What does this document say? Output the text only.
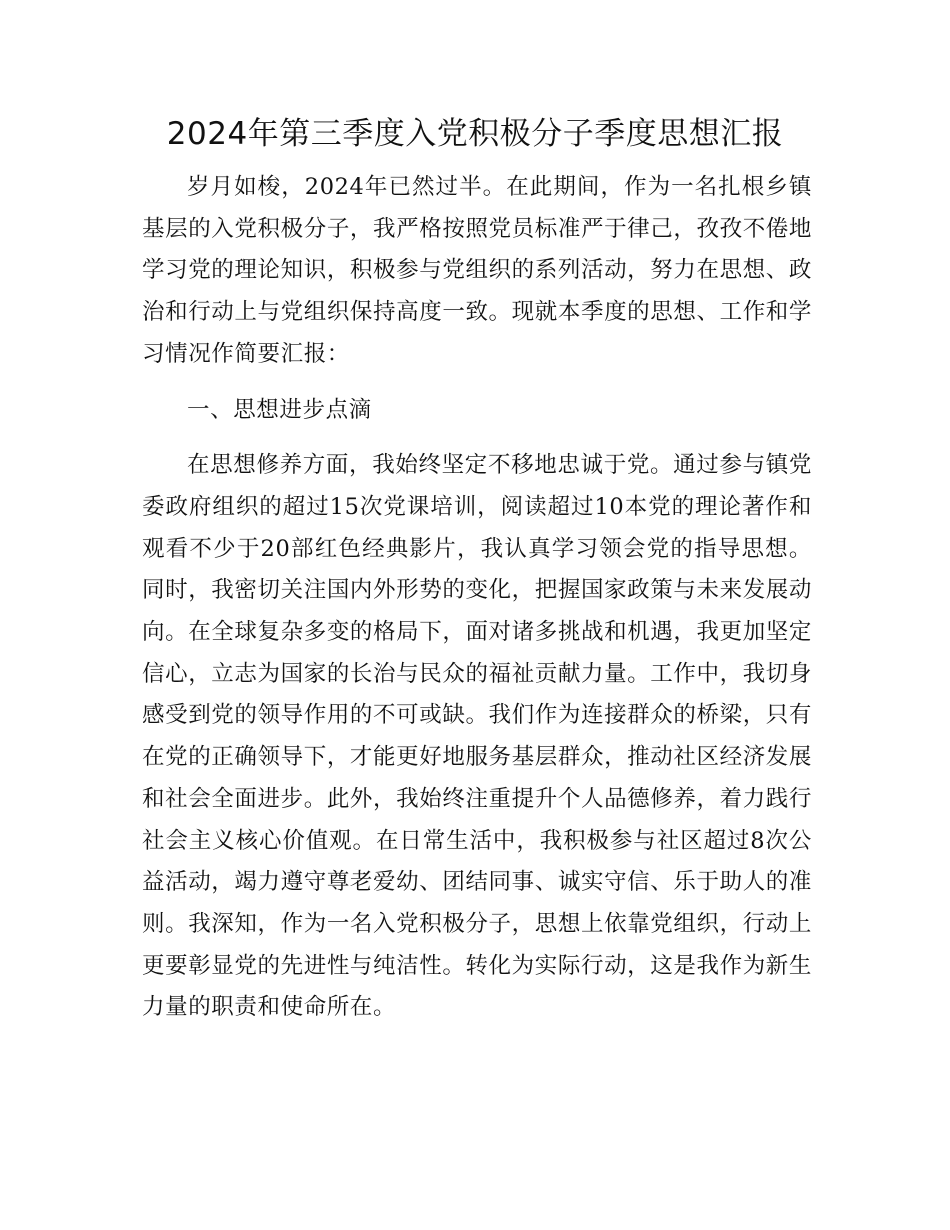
2024年第三季度入党积极分子季度思想汇报

岁月如梭，2024年已然过半。在此期间，作为一名扎根乡镇基层的入党积极分子，我严格按照党员标准严于律己，孜孜不倦地学习党的理论知识，积极参与党组织的系列活动，努力在思想、政治和行动上与党组织保持高度一致。现就本季度的思想、工作和学习情况作简要汇报：

一、思想进步点滴

在思想修养方面，我始终坚定不移地忠诚于党。通过参与镇党委政府组织的超过15次党课培训，阅读超过10本党的理论著作和观看不少于20部红色经典影片，我认真学习领会党的指导思想。同时，我密切关注国内外形势的变化，把握国家政策与未来发展动向。在全球复杂多变的格局下，面对诸多挑战和机遇，我更加坚定信心，立志为国家的长治与民众的福祉贡献力量。工作中，我切身感受到党的领导作用的不可或缺。我们作为连接群众的桥梁，只有在党的正确领导下，才能更好地服务基层群众，推动社区经济发展和社会全面进步。此外，我始终注重提升个人品德修养，着力践行社会主义核心价值观。在日常生活中，我积极参与社区超过8次公益活动，竭力遵守尊老爱幼、团结同事、诚实守信、乐于助人的准则。我深知，作为一名入党积极分子，思想上依靠党组织，行动上更要彰显党的先进性与纯洁性。转化为实际行动，这是我作为新生力量的职责和使命所在。
